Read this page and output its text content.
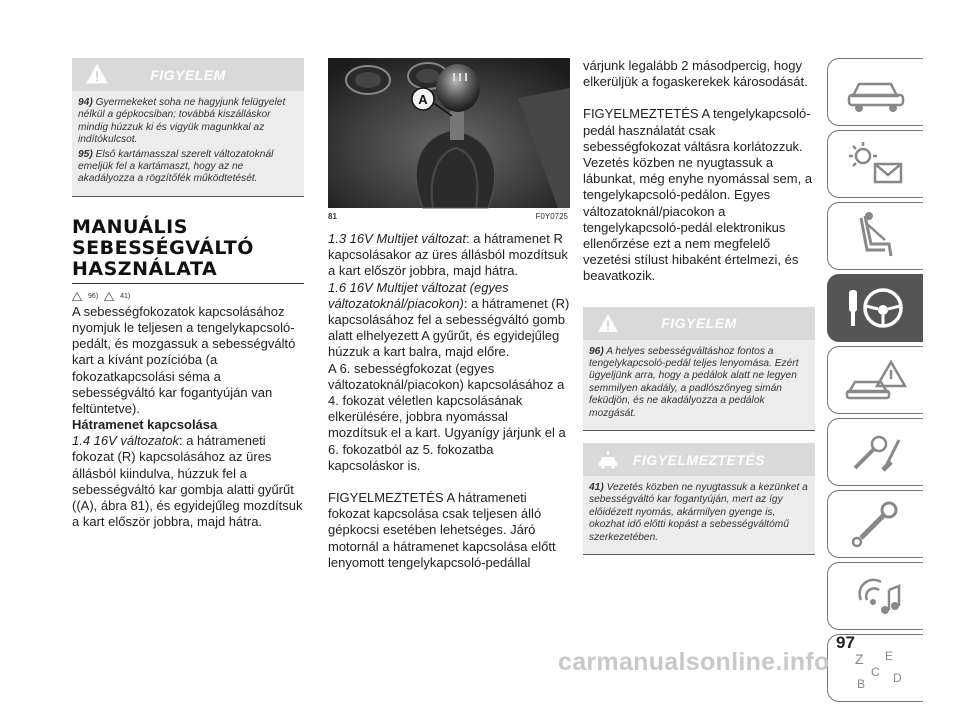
FIGYELEM

94) Gyermekeket soha ne hagyjunk felügyelet nélkül a gépkocsiban; továbbá kiszálláskor mindig húzzuk ki és vigyük magunkkal az indítókulcsot.

95) Első kartámasszal szerelt változatoknál emeljük fel a kartámaszt, hogy az ne akadályozza a rögzítőfék működtetését.

MANUÁLIS SEBESSÉGVÁLTÓ HASZNÁLATA
96)	41)

A sebességfokozatok kapcsolásához nyomjuk le teljesen a tengelykapcsoló-pedált, és mozgassuk a sebességváltó kart a kívánt pozícióba (a fokozatkapcsolási séma a sebességváltó kar fogantyúján van feltüntetve).

Hátramenet kapcsolása

1.4 16V változatok: a hátrameneti fokozat (R) kapcsolásához az üres állásból kiindulva, húzzuk fel a sebességváltó kar gombja alatti gyűrűt ((A), ábra 81), és egyidejűleg mozdítsuk a kart először jobbra, majd hátra.

A
81	F0Y0725

1.3 16V Multijet változat: a hátramenet R kapcsolásakor az üres állásból mozdítsuk a kart először jobbra, majd hátra.

1.6 16V Multijet változat (egyes változatoknál/piacokon): a hátramenet (R) kapcsolásához fel a sebességváltó gomb alatt elhelyezett A gyűrűt, és egyidejűleg húzzuk a kart balra, majd előre.

A 6. sebességfokozat (egyes változatoknál/piacokon) kapcsolásához a 4. fokozat véletlen kapcsolásának elkerülésére, jobbra nyomással mozdítsuk el a kart. Ugyanígy járjunk el a 6. fokozatból az 5. fokozatba kapcsoláskor is.

FIGYELMEZTETÉS A hátrameneti fokozat kapcsolása csak teljesen álló gépkocsi esetében lehetséges. Járó motornál a hátramenet kapcsolása előtt lenyomott tengelykapcsoló-pedállal

várjunk legalább 2 másodpercig, hogy elkerüljük a fogaskerekek károsodását.

FIGYELMEZTETÉS A tengelykapcsoló-pedál használatát csak sebességfokozat váltásra korlátozzuk. Vezetés közben ne nyugtassuk a lábunkat, még enyhe nyomással sem, a tengelykapcsoló-pedálon. Egyes változatoknál/piacokon a tengelykapcsoló-pedál elektronikus ellenőrzése ezt a nem megfelelő vezetési stílust hibaként értelmezi, és beavatkozik.

FIGYELEM

96) A helyes sebességváltáshoz fontos a tengelykapcsoló-pedál teljes lenyomása. Ezért ügyeljünk arra, hogy a pedálok alatt ne legyen semmilyen akadály, a padlószőnyeg simán feküdjön, és ne akadályozza a pedálok mozgását.

FIGYELMEZTETÉS

41) Vezetés közben ne nyugtassuk a kezünket a sebességváltó kar fogantyúján, mert az így előidézett nyomás, akármilyen gyenge is, okozhat idő előtti kopást a sebességváltómű szerkezetében.

Z E
C D
B
97
carmanualsonline.info
